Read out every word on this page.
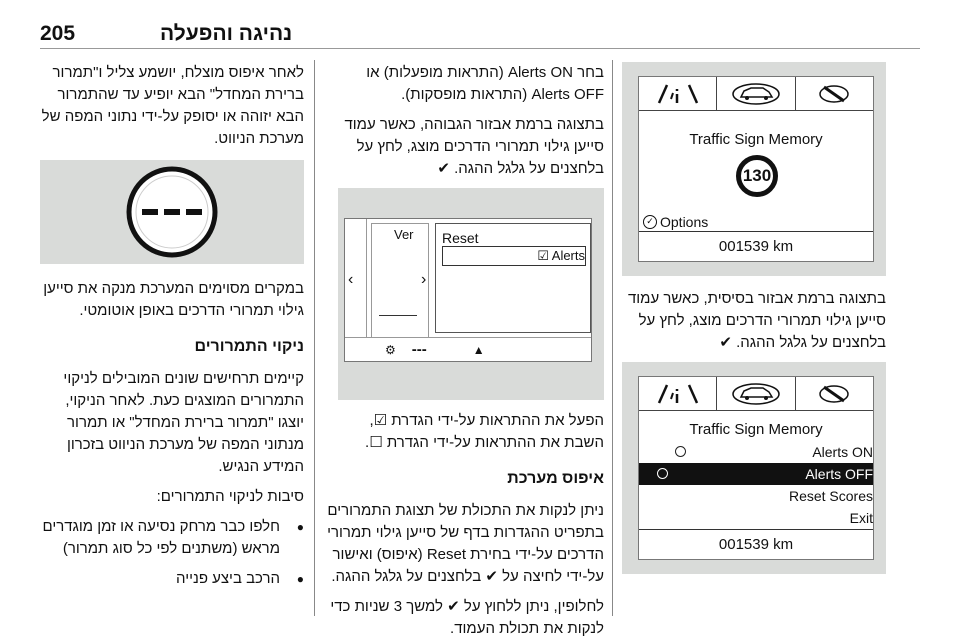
205	נהיגה והפעלה
Traffic Sign Memory
130
✓ Options
001539 km

בתצוגה ברמת אבזור בסיסית, כאשר עמוד סייען גילוי תמרורי הדרכים מוצג, לחץ על
בלחצנים על גלגל ההגה. ✔

Traffic Sign Memory
Alerts ON
Alerts OFF
Reset Scores
Exit
001539 km

בחר Alerts ON (התראות מופעלות) או Alerts OFF (התראות מופסקות).

בתצוגה ברמת אבזור הגבוהה, כאשר עמוד סייען גילוי תמרורי הדרכים מוצג, לחץ על בלחצנים על גלגל ההגה. ✔

‹
Ver
›
Reset
☑ Alerts
⚙ ---	▲

הפעל את ההתראות על-ידי הגדרת ☑,

השבת את ההתראות על-ידי הגדרת ☐.

איפוס מערכת

ניתן לנקות את התכולת של תצוגת התמרורים בתפריט ההגדרות בדף של סייען גילוי תמרורי הדרכים על-ידי בחירת Reset (איפוס) ואישור על-ידי לחיצה על ✔ בלחצנים על גלגל ההגה.

לחלופין, ניתן ללחוץ על ✔ למשך 3 שניות כדי לנקות את תכולת העמוד.

לאחר איפוס מוצלח, יושמע צליל ו"תמרור ברירת המחדל" הבא יופיע עד שהתמרור הבא יזוהה או יסופק על-ידי נתוני המפה של מערכת הניווט.

במקרים מסוימים המערכת מנקה את סייען גילוי תמרורי הדרכים באופן אוטומטי.

ניקוי התמרורים

קיימים תרחישים שונים המובילים לניקוי התמרורים המוצגים כעת. לאחר הניקוי, יוצגו "תמרור ברירת המחדל" או תמרור מנתוני המפה של מערכת הניווט בזכרון המידע הנגיש.

סיבות לניקוי התמרורים:

● חלפו כבר מרחק נסיעה או זמן מוגדרים מראש (משתנים לפי כל סוג תמרור)
● הרכב ביצע פנייה
